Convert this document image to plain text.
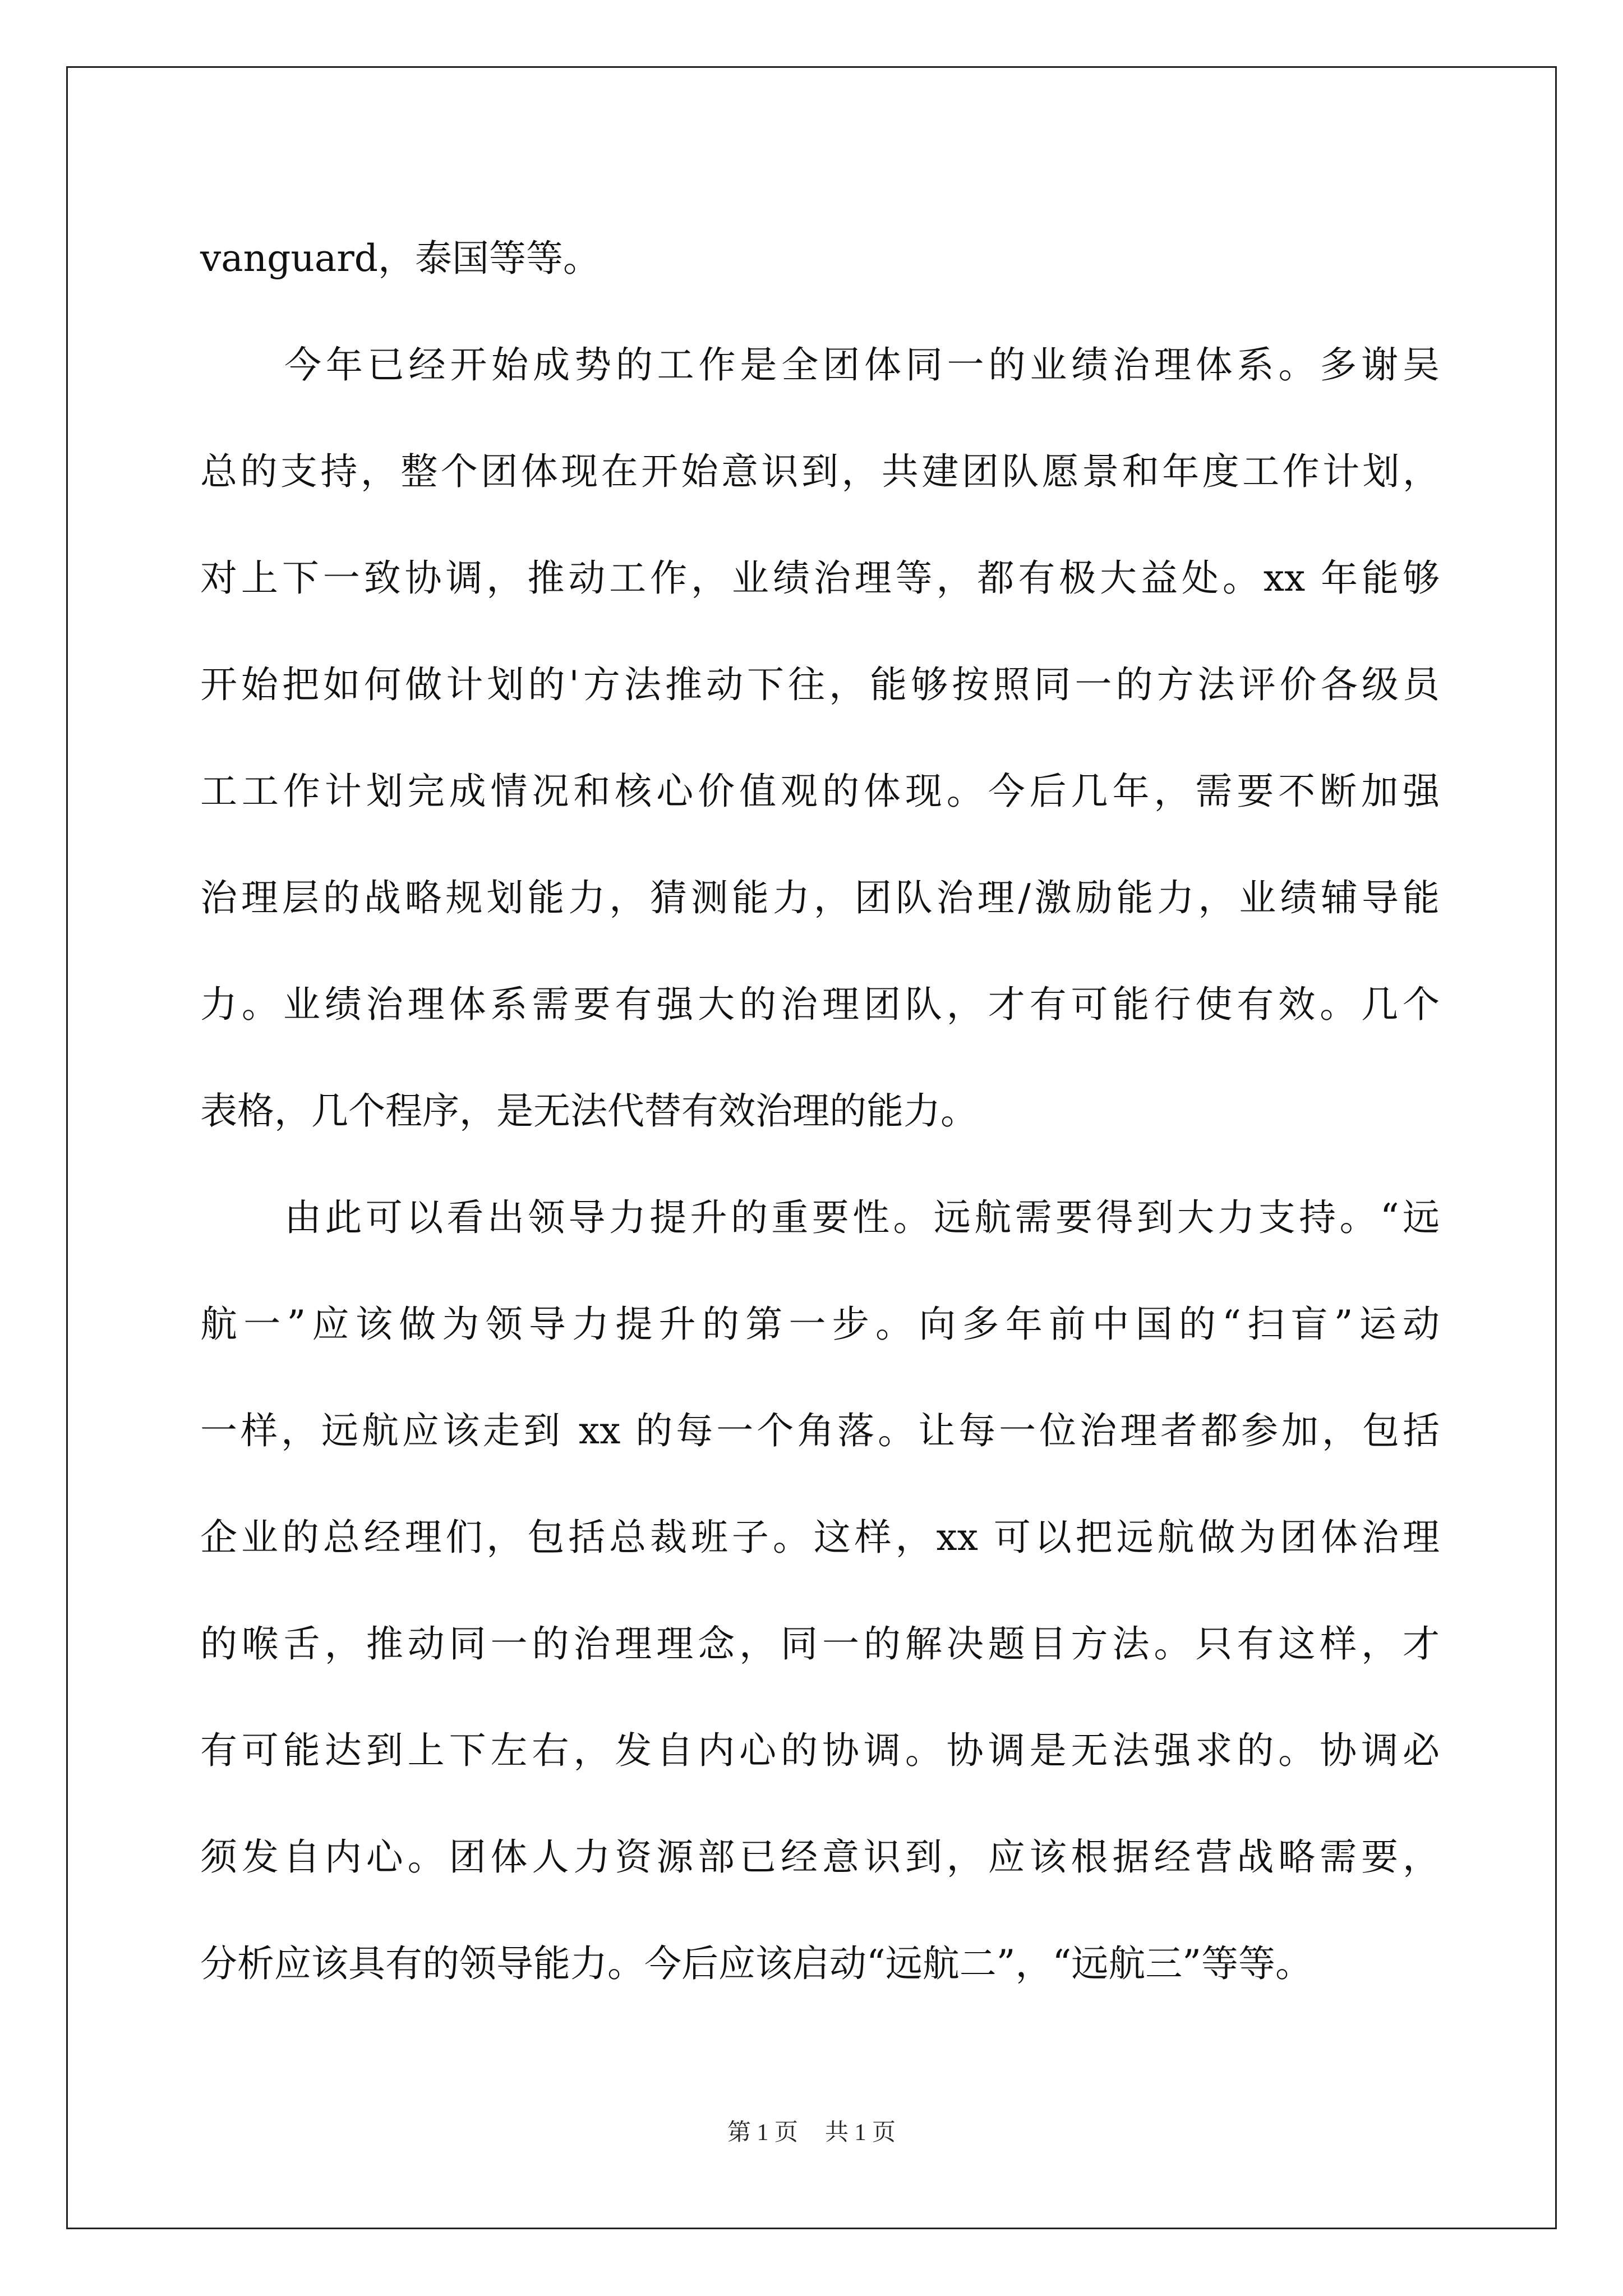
vanguard，泰国等等。
今年已经开始成势的工作是全团体同一的业绩治理体系。多谢吴
总的支持，整个团体现在开始意识到，共建团队愿景和年度工作计划，
对上下一致协调，推动工作，业绩治理等，都有极大益处。xx 年能够
开始把如何做计划的'方法推动下往，能够按照同一的方法评价各级员
工工作计划完成情况和核心价值观的体现。今后几年，需要不断加强
治理层的战略规划能力，猜测能力，团队治理/激励能力，业绩辅导能
力。业绩治理体系需要有强大的治理团队，才有可能行使有效。几个
表格，几个程序，是无法代替有效治理的能力。
由此可以看出领导力提升的重要性。远航需要得到大力支持。“远
航一”应该做为领导力提升的第一步。向多年前中国的“扫盲”运动
一样，远航应该走到 xx 的每一个角落。让每一位治理者都参加，包括
企业的总经理们，包括总裁班子。这样，xx 可以把远航做为团体治理
的喉舌，推动同一的治理理念，同一的解决题目方法。只有这样，才
有可能达到上下左右，发自内心的协调。协调是无法强求的。协调必
须发自内心。团体人力资源部已经意识到，应该根据经营战略需要，
分析应该具有的领导能力。今后应该启动“远航二”，“远航三”等等。
第 1 页 共 1 页
